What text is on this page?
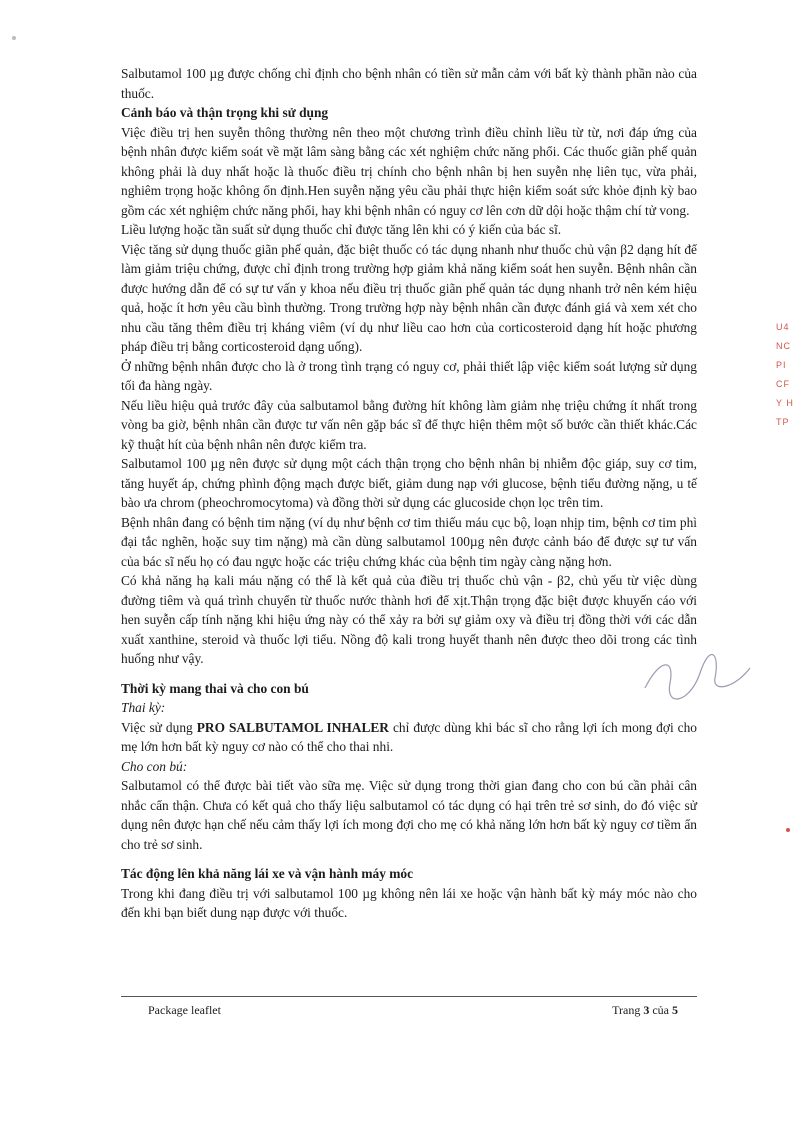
Salbutamol 100 µg được chống chỉ định cho bệnh nhân có tiền sử mẫn cảm với bất kỳ thành phần nào của thuốc.

Cảnh báo và thận trọng khi sử dụng

Việc điều trị hen suyễn thông thường nên theo một chương trình điều chỉnh liều từ từ, nơi đáp ứng của bệnh nhân được kiểm soát về mặt lâm sàng bằng các xét nghiệm chức năng phổi. Các thuốc giãn phế quản không phải là duy nhất hoặc là thuốc điều trị chính cho bệnh nhân bị hen suyễn nhẹ liên tục, vừa phải, nghiêm trọng hoặc không ổn định.Hen suyễn nặng yêu cầu phải thực hiện kiểm soát sức khỏe định kỳ bao gồm các xét nghiệm chức năng phổi, hay khi bệnh nhân có nguy cơ lên cơn dữ dội hoặc thậm chí tử vong.

Liều lượng hoặc tần suất sử dụng thuốc chỉ được tăng lên khi có ý kiến của bác sĩ.

Việc tăng sử dụng thuốc giãn phế quản, đặc biệt thuốc có tác dụng nhanh như thuốc chủ vận β2 dạng hít để làm giảm triệu chứng, được chỉ định trong trường hợp giảm khả năng kiểm soát hen suyễn. Bệnh nhân cần được hướng dẫn để có sự tư vấn y khoa nếu điều trị thuốc giãn phế quản tác dụng nhanh trở nên kém hiệu quả, hoặc ít hơn yêu cầu bình thường. Trong trường hợp này bệnh nhân cần được đánh giá và xem xét cho nhu cầu tăng thêm điều trị kháng viêm (ví dụ như liều cao hơn của corticosteroid dạng hít hoặc phương pháp điều trị bằng corticosteroid dạng uống).

Ở những bệnh nhân được cho là ở trong tình trạng có nguy cơ, phải thiết lập việc kiểm soát lượng sử dụng tối đa hàng ngày.

Nếu liều hiệu quả trước đây của salbutamol bằng đường hít không làm giảm nhẹ triệu chứng ít nhất trong vòng ba giờ, bệnh nhân cần được tư vấn nên gặp bác sĩ để thực hiện thêm một số bước cần thiết khác.Các kỹ thuật hít của bệnh nhân nên được kiểm tra.

Salbutamol 100 µg nên được sử dụng một cách thận trọng cho bệnh nhân bị nhiễm độc giáp, suy cơ tim, tăng huyết áp, chứng phình động mạch được biết, giảm dung nạp với glucose, bệnh tiểu đường nặng, u tế bào ưa chrom (pheochromocytoma) và đồng thời sử dụng các glucoside chọn lọc trên tim.

Bệnh nhân đang có bệnh tim nặng (ví dụ như bệnh cơ tim thiếu máu cục bộ, loạn nhịp tim, bệnh cơ tim phì đại tắc nghẽn, hoặc suy tim nặng) mà cần dùng salbutamol 100µg nên được cảnh báo để được sự tư vấn của bác sĩ nếu họ có đau ngực hoặc các triệu chứng khác của bệnh tim ngày càng nặng hơn.

Có khả năng hạ kali máu nặng có thể là kết quả của điều trị thuốc chủ vận - β2, chủ yếu từ việc dùng đường tiêm và quá trình chuyển từ thuốc nước thành hơi để xịt.Thận trọng đặc biệt được khuyến cáo với hen suyễn cấp tính nặng khi hiệu ứng này có thể xảy ra bởi sự giảm oxy và điều trị đồng thời với các dẫn xuất xanthine, steroid và thuốc lợi tiểu. Nồng độ kali trong huyết thanh nên được theo dõi trong các tình huống như vậy.

Thời kỳ mang thai và cho con bú

Thai kỳ:

Việc sử dụng PRO SALBUTAMOL INHALER chỉ được dùng khi bác sĩ cho rằng lợi ích mong đợi cho mẹ lớn hơn bất kỳ nguy cơ nào có thể cho thai nhi.

Cho con bú:

Salbutamol có thể được bài tiết vào sữa mẹ. Việc sử dụng trong thời gian đang cho con bú cần phải cân nhắc cẩn thận. Chưa có kết quả cho thấy liệu salbutamol có tác dụng có hại trên trẻ sơ sinh, do đó việc sử dụng nên được hạn chế nếu cảm thấy lợi ích mong đợi cho mẹ có khả năng lớn hơn bất kỳ nguy cơ tiềm ẩn cho trẻ sơ sinh.

Tác động lên khả năng lái xe và vận hành máy móc

Trong khi đang điều trị với salbutamol 100 µg không nên lái xe hoặc vận hành bất kỳ máy móc nào cho đến khi bạn biết dung nạp được với thuốc.

U4
NC
PI
CF
Y H
TP
Package leaflet	Trang 3 của 5
